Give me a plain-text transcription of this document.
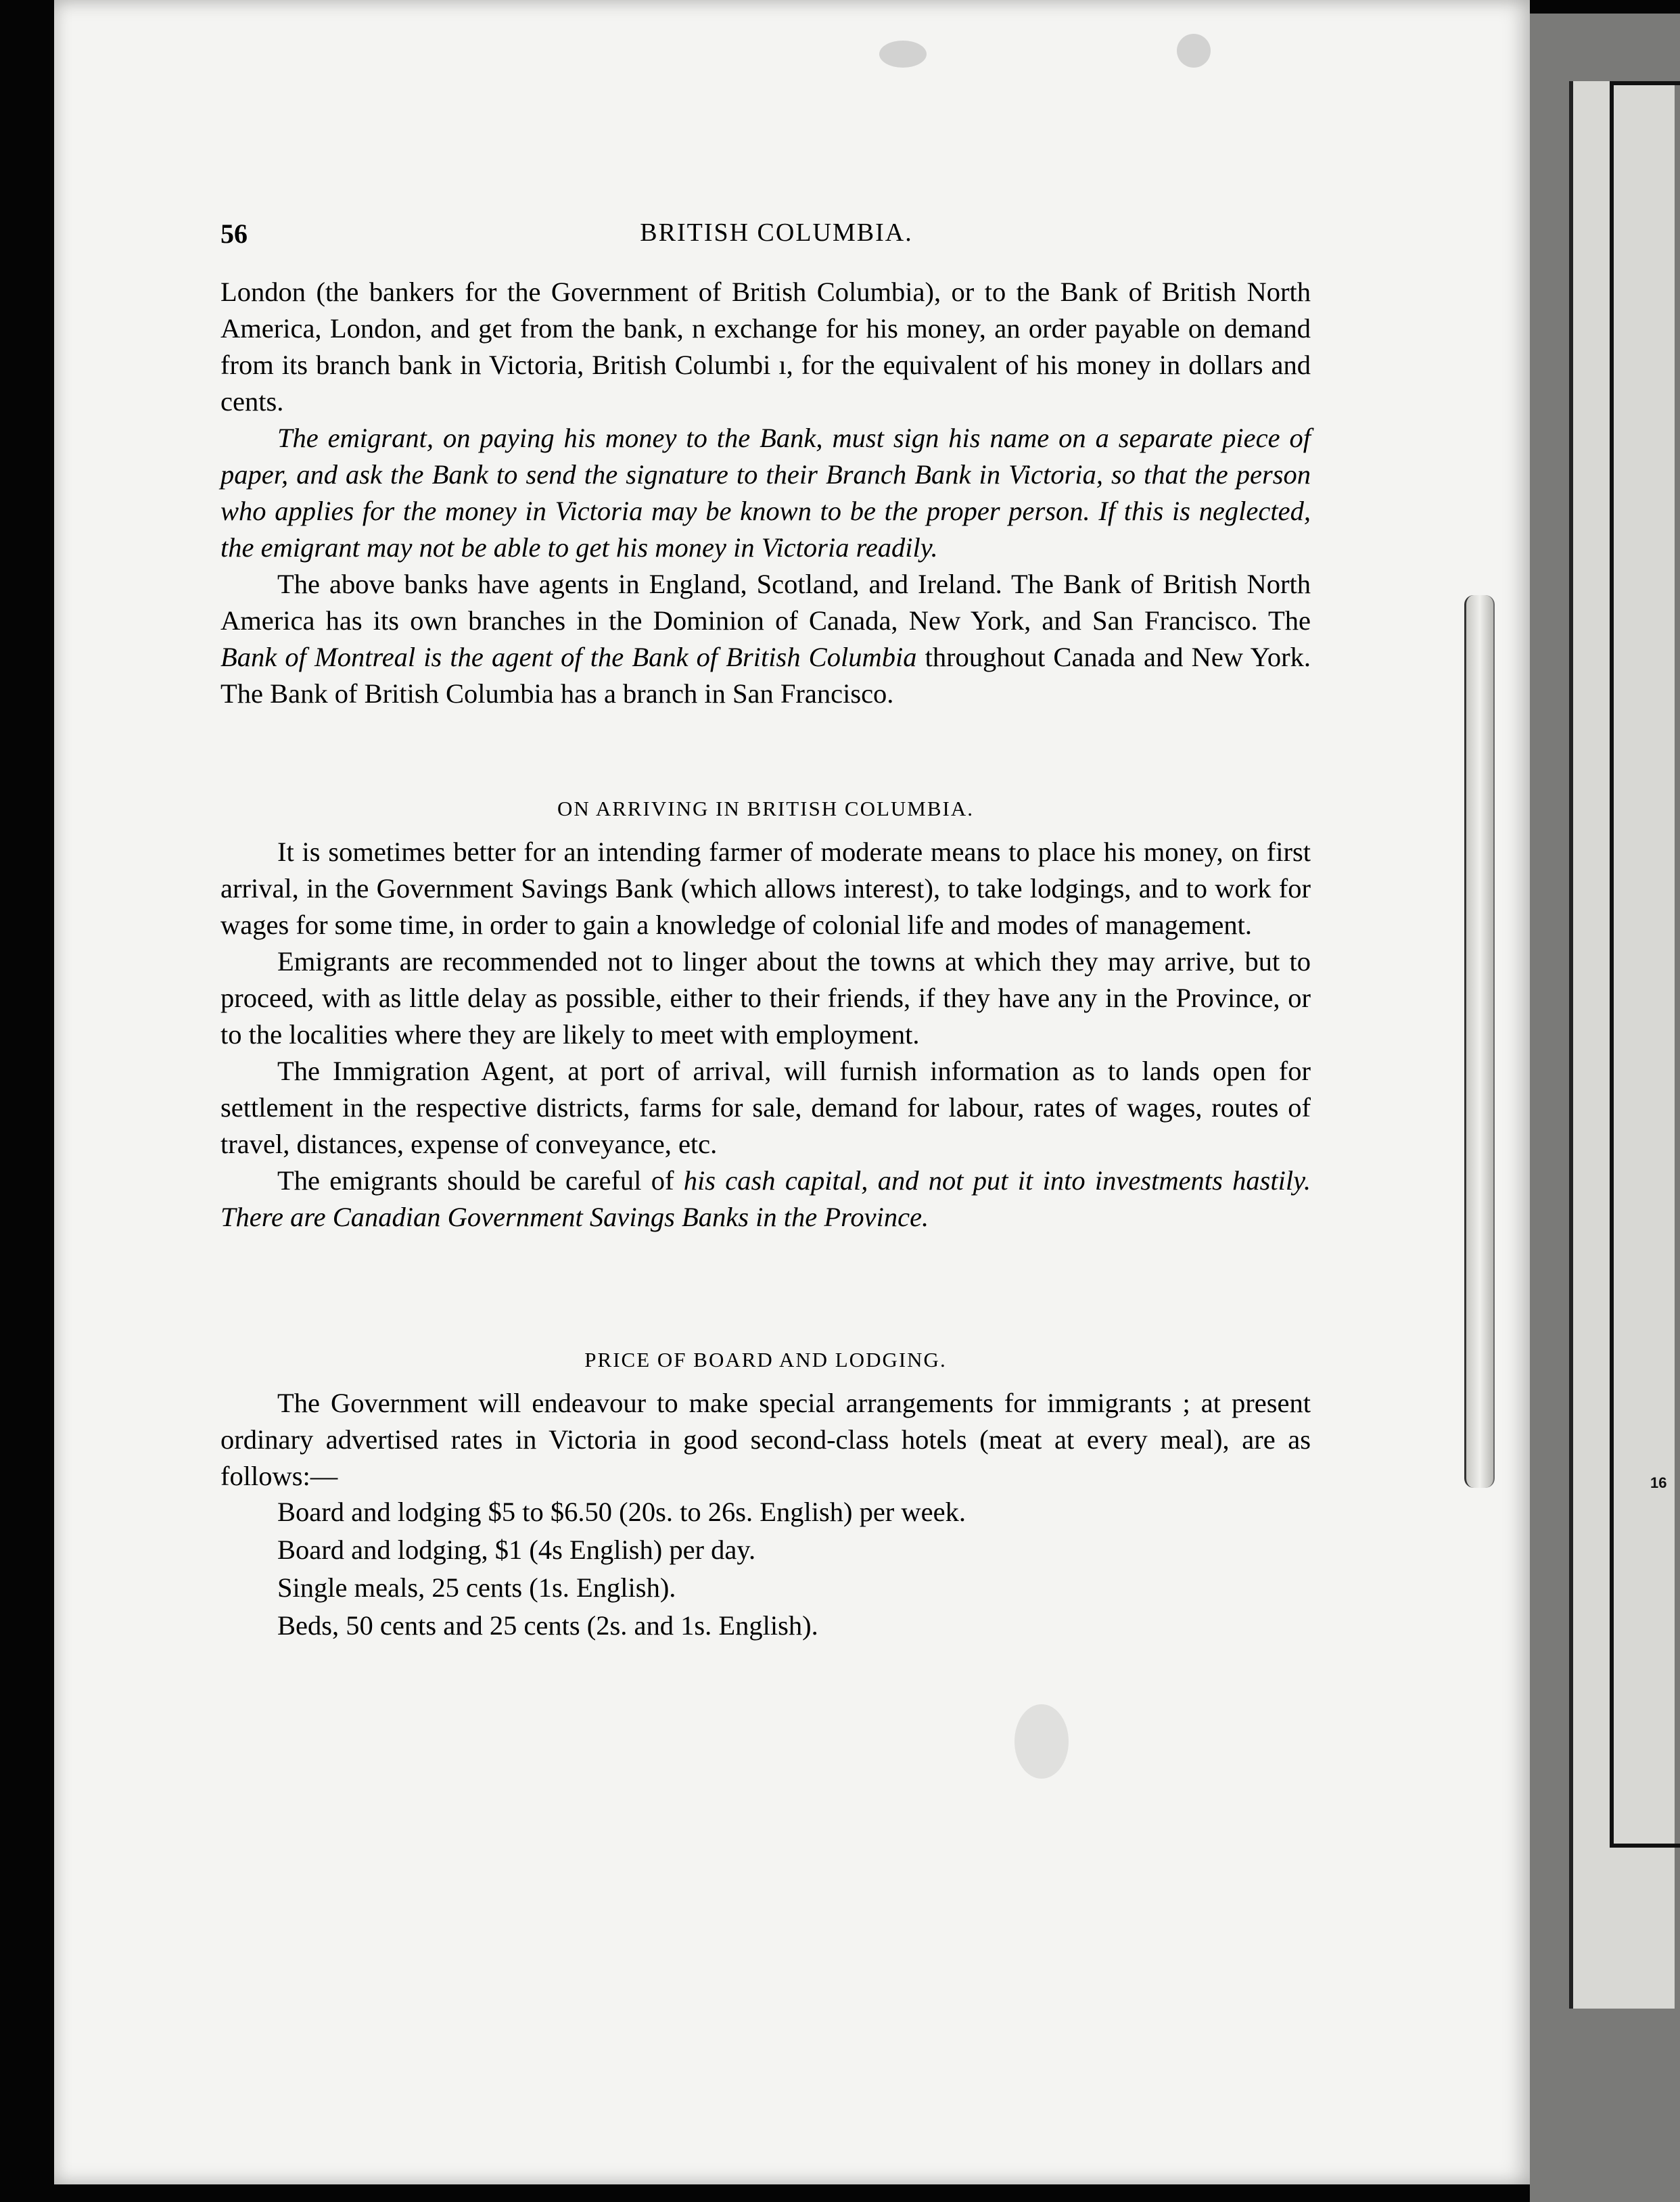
16
56	BRITISH COLUMBIA.

London (the bankers for the Government of British Columbia), or to the Bank of British North America, London, and get from the bank, n exchange for his money, an order payable on demand from its branch bank in Victoria, British Columbi ı, for the equivalent of his money in dollars and cents.

The emigrant, on paying his money to the Bank, must sign his name on a separate piece of paper, and ask the Bank to send the signature to their Branch Bank in Victoria, so that the person who applies for the money in Victoria may be known to be the proper person. If this is neglected, the emigrant may not be able to get his money in Victoria readily.

The above banks have agents in England, Scotland, and Ireland. The Bank of British North America has its own branches in the Dominion of Canada, New York, and San Francisco. The Bank of Montreal is the agent of the Bank of British Columbia throughout Canada and New York. The Bank of British Columbia has a branch in San Francisco.

ON ARRIVING IN BRITISH COLUMBIA.

It is sometimes better for an intending farmer of moderate means to place his money, on first arrival, in the Government Savings Bank (which allows interest), to take lodgings, and to work for wages for some time, in order to gain a knowledge of colonial life and modes of management.

Emigrants are recommended not to linger about the towns at which they may arrive, but to proceed, with as little delay as possible, either to their friends, if they have any in the Province, or to the localities where they are likely to meet with employment.

The Immigration Agent, at port of arrival, will furnish information as to lands open for settlement in the respective districts, farms for sale, demand for labour, rates of wages, routes of travel, distances, expense of conveyance, etc.

The emigrants should be careful of his cash capital, and not put it into investments hastily. There are Canadian Government Savings Banks in the Province.

PRICE OF BOARD AND LODGING.

The Government will endeavour to make special arrangements for immigrants ; at present ordinary advertised rates in Victoria in good second-class hotels (meat at every meal), are as follows:—

Board and lodging $5 to $6.50 (20s. to 26s. English) per week.
Board and lodging, $1 (4s English) per day.
Single meals, 25 cents (1s. English).
Beds, 50 cents and 25 cents (2s. and 1s. English).
